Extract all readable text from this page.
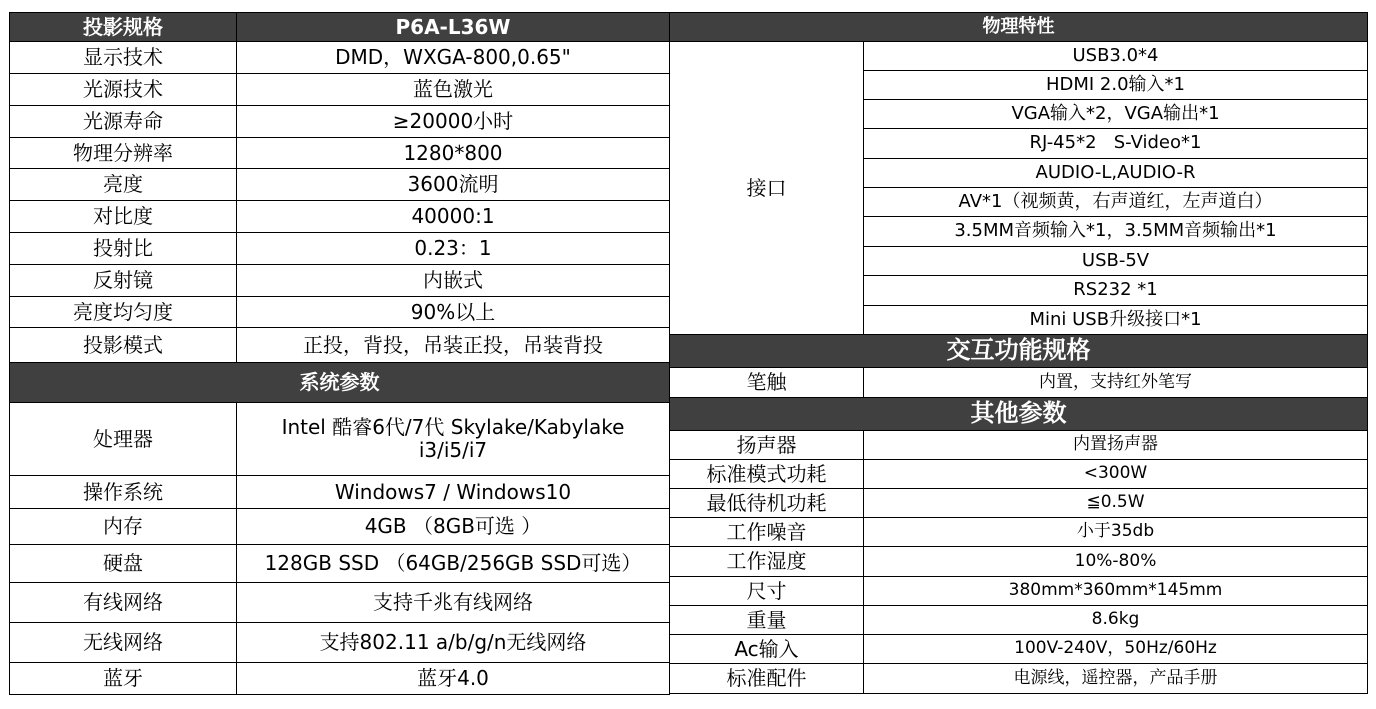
投影规格	P6A-L36W
显示技术	DMD，WXGA-800,0.65"
光源技术	蓝色激光
光源寿命	≥20000小时
物理分辨率	1280*800
亮度	3600流明
对比度	40000:1
投射比	0.23：1
反射镜	内嵌式
亮度均匀度	90%以上
投影模式	正投，背投，吊装正投，吊装背投
系统参数	
处理器	Intel 酷睿6代/7代 Skylake/Kabylake i3/i5/i7
操作系统	Windows7 / Windows10
内存	4GB （8GB可选 ）
硬盘	128GB SSD （64GB/256GB SSD可选）
有线网络	支持千兆有线网络
无线网络	支持802.11 a/b/g/n无线网络
蓝牙	蓝牙4.0
物理特性	
接口	USB3.0*4
	HDMI 2.0输入*1
	VGA输入*2，VGA输出*1
	RJ-45*2   S-Video*1
	AUDIO-L,AUDIO-R
	AV*1（视频黄，右声道红，左声道白）
	3.5MM音频输入*1，3.5MM音频输出*1
	USB-5V
	RS232 *1
	Mini USB升级接口*1
交互功能规格	
笔触	内置，支持红外笔写
其他参数	
扬声器	内置扬声器
标准模式功耗	<300W
最低待机功耗	≦0.5W
工作噪音	小于35db
工作湿度	10%-80%
尺寸	380mm*360mm*145mm
重量	8.6kg
Ac输入	100V-240V，50Hz/60Hz
标准配件	电源线，遥控器，产品手册
